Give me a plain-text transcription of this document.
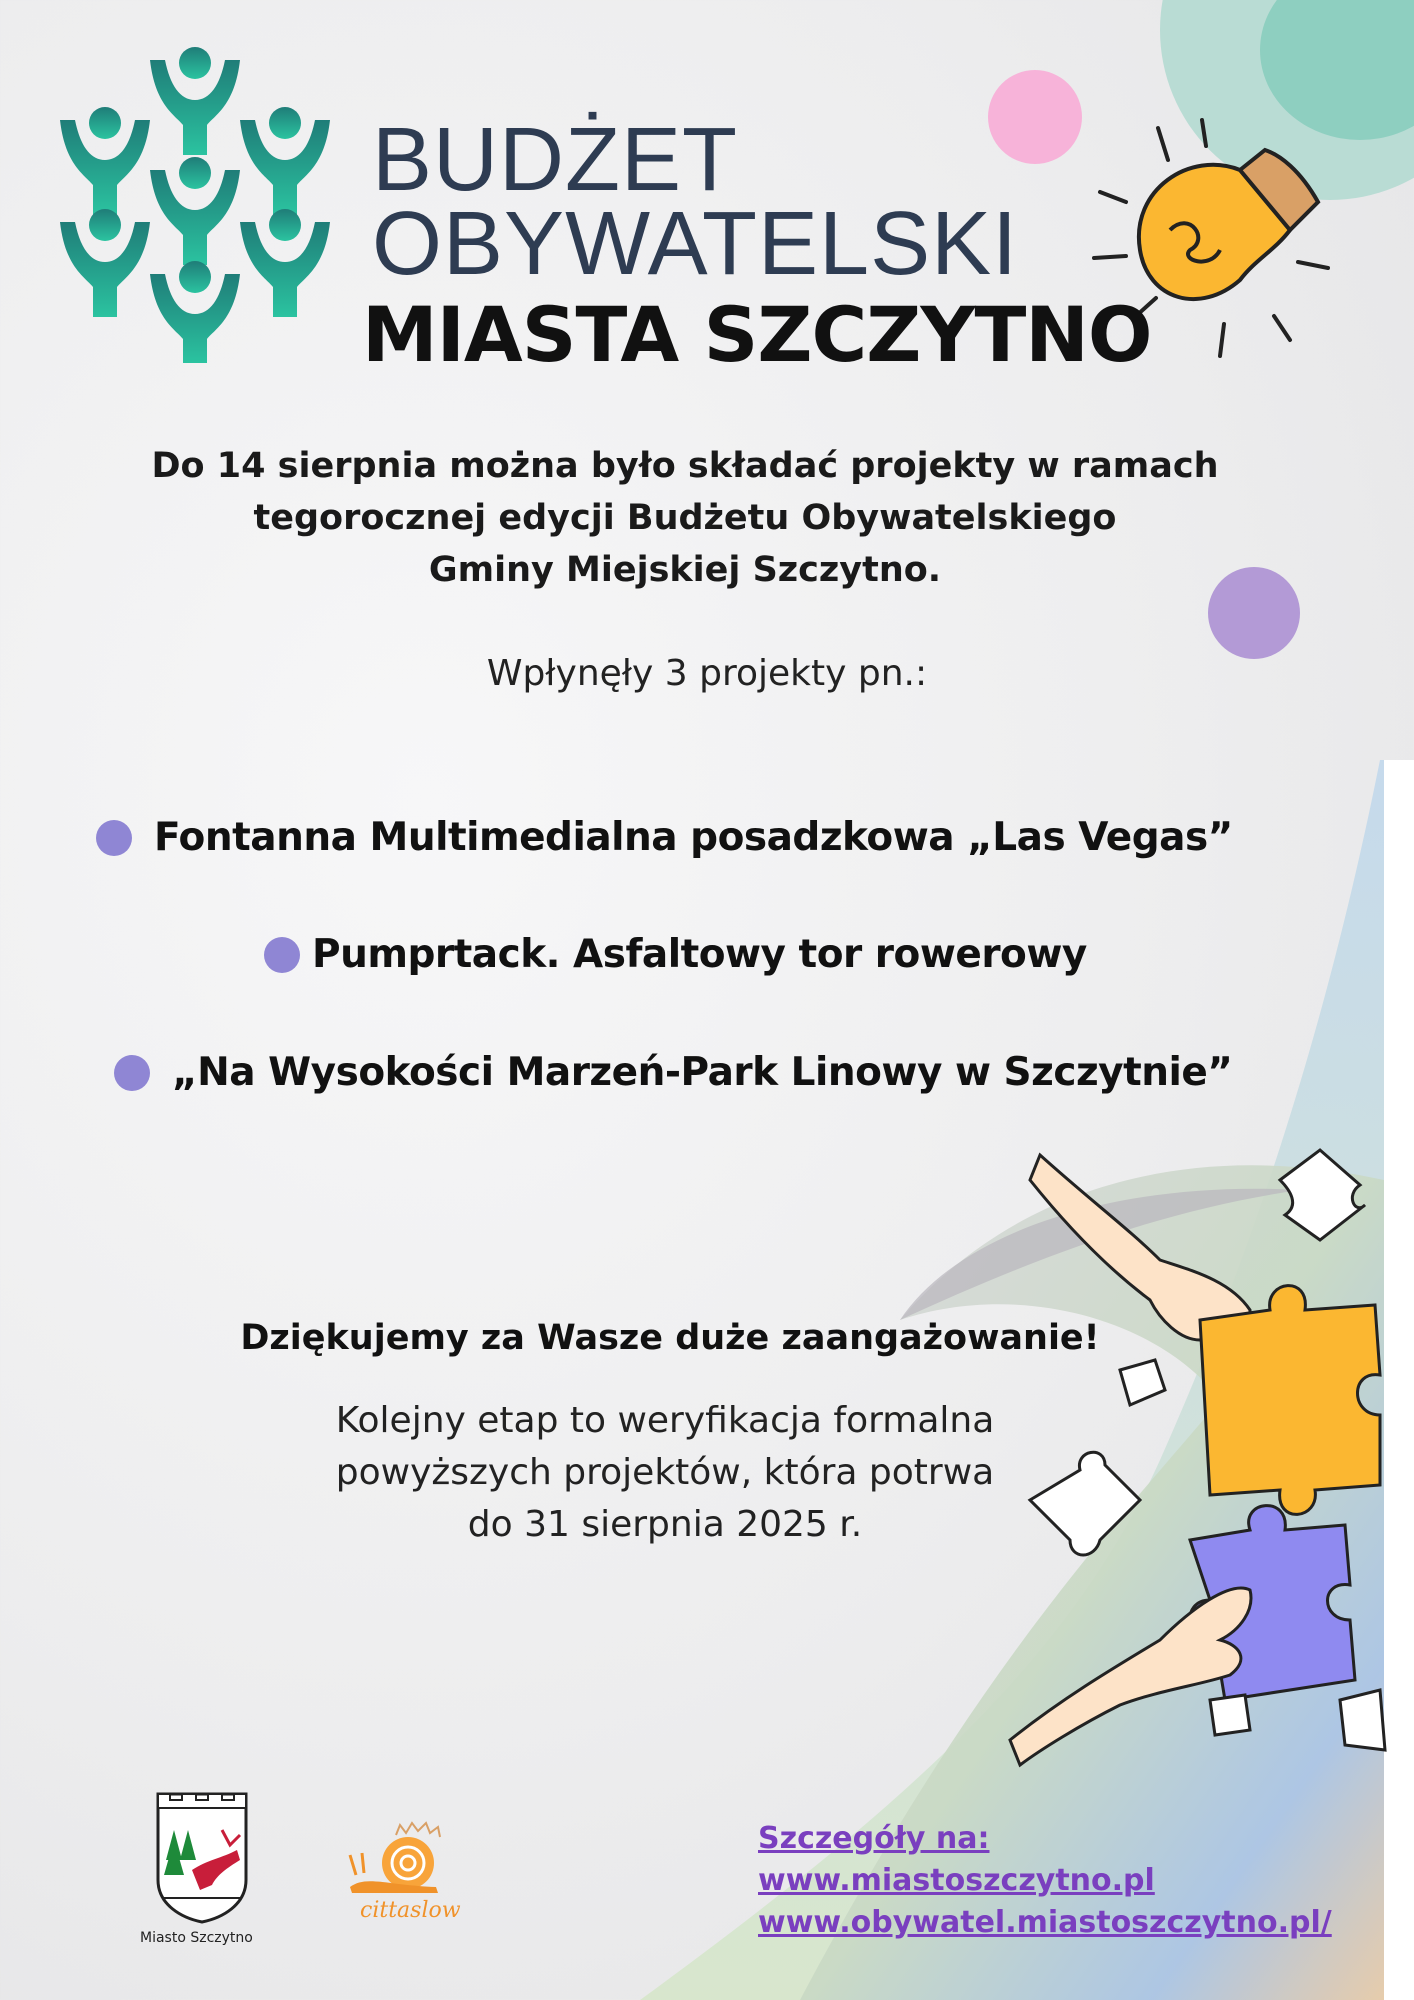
BUDŻET
OBYWATELSKI
MIASTA SZCZYTNO
Do 14 sierpnia można było składać projekty w ramach
tegorocznej edycji Budżetu Obywatelskiego
Gminy Miejskiej Szczytno.
Wpłynęły 3 projekty pn.:
Fontanna Multimedialna posadzkowa „Las Vegas”
Pumprtack. Asfaltowy tor rowerowy
„Na Wysokości Marzeń-Park Linowy w Szczytnie”
Dziękujemy za Wasze duże zaangażowanie!
Kolejny etap to weryfikacja formalna
powyższych projektów, która potrwa
do 31 sierpnia 2025 r.
Szczegóły na:
www.miastoszczytno.pl
www.obywatel.miastoszczytno.pl/
Miasto Szczytno
cittaslow
